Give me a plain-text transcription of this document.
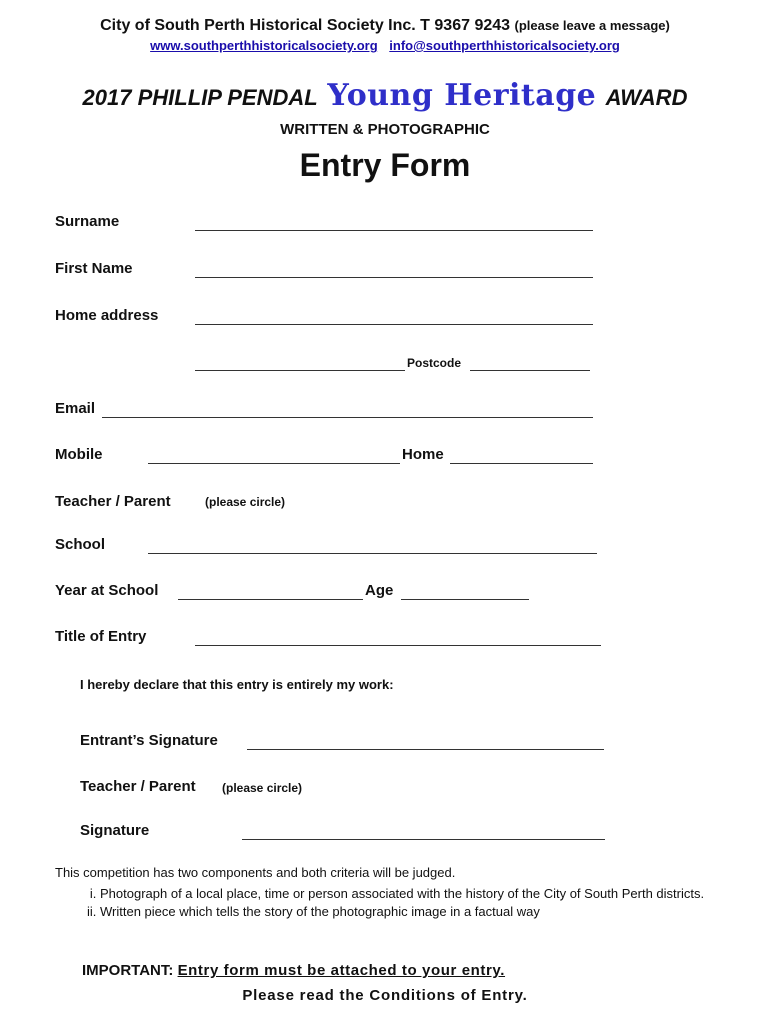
City of South Perth Historical Society Inc. T 9367 9243 (please leave a message)
www.southperthhistoricalsociety.org info@southperthhistoricalsociety.org
2017 PHILLIP PENDAL Young Heritage AWARD
WRITTEN & PHOTOGRAPHIC
Entry Form
Surname
First Name
Home address
Postcode
Email
Mobile	Home
Teacher / Parent	(please circle)
School
Year at School	Age
Title of Entry
I hereby declare that this entry is entirely my work:
Entrant’s Signature
Teacher / Parent (please circle)
Signature
This competition has two components and both criteria will be judged.
i. Photograph of a local place, time or person associated with the history of the City of South Perth districts.
ii. Written piece which tells the story of the photographic image in a factual way
IMPORTANT: Entry form must be attached to your entry.
Please read the Conditions of Entry.
